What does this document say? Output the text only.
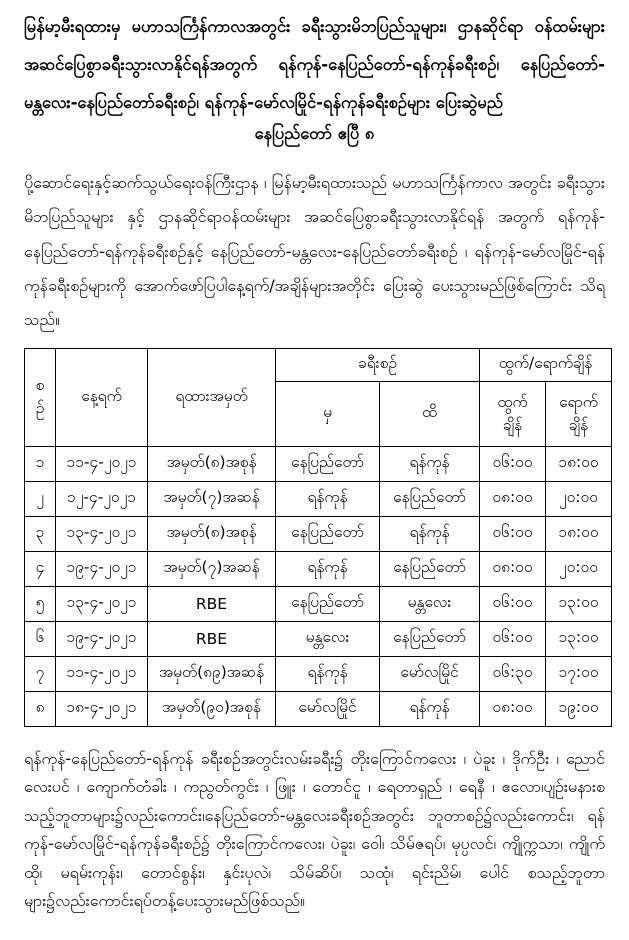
မြန်မာ့မီးရထားမှ မဟာသင်္ကြန်ကာလအတွင်း ခရီးသွားမိဘပြည်သူများ၊ ဌာနဆိုင်ရာ ဝန်ထမ်းများ အဆင်ပြေစွာခရီးသွားလာနိုင်ရန်အတွက် ရန်ကုန်-နေပြည်တော်-ရန်ကုန်ခရီးစဉ်၊ နေပြည်တော်-မန္တလေး-နေပြည်တော်ခရီးစဉ်၊ ရန်ကုန်-မော်လမြိုင်-ရန်ကုန်ခရီးစဉ်များ ပြေးဆွဲမည်

နေပြည်တော် ဧပြီ ၈

ပို့ဆောင်ရေးနှင့်ဆက်သွယ်ရေးဝန်ကြီးဌာန ၊ မြန်မာ့မီးရထားသည် မဟာသင်္ကြန်ကာလ အတွင်း ခရီးသွားမိဘပြည်သူများ နှင့် ဌာနဆိုင်ရာဝန်ထမ်းများ အဆင်ပြေစွာခရီးသွားလာနိုင်ရန် အတွက် ရန်ကုန်-နေပြည်တော်-ရန်ကုန်ခရီးစဉ်နှင့် နေပြည်တော်-မန္တလေး-နေပြည်တော်ခရီးစဉ် ၊ ရန်ကုန်-မော်လမြိုင်-ရန်ကုန်ခရီးစဉ်များကို အောက်ဖော်ပြပါနေ့ရက်/အချိန်များအတိုင်း ပြေးဆွဲ ပေးသွားမည်ဖြစ်ကြောင်း သိရသည်။

စ
ဉ်	နေ့ရက်	ရထားအမှတ်	ခရီးစဉ်		ထွက်/ရောက်ချိန်	
			မှ	ထိ	ထွက်
ချိန်	ရောက်
ချိန်

၁	၁၁-၄-၂၀၂၁	အမှတ်(၈)အစုန်	နေပြည်တော်	ရန်ကုန်	၀၆:၀၀	၁၈:၀၀
၂	၁၂-၄-၂၀၂၁	အမှတ်(၇)အဆန်	ရန်ကုန်	နေပြည်တော်	၀၈:၀၀	၂၀:၀၀
၃	၁၃-၄-၂၀၂၁	အမှတ်(၈)အစုန်	နေပြည်တော်	ရန်ကုန်	၀၆:၀၀	၁၈:၀၀
၄	၁၉-၄-၂၀၂၁	အမှတ်(၇)အဆန်	ရန်ကုန်	နေပြည်တော်	၀၈:၀၀	၂၀:၀၀
၅	၁၃-၄-၂၀၂၁	RBE	နေပြည်တော်	မန္တလေး	၀၆:၀၀	၁၃:၀၀
၆	၁၉-၄-၂၀၂၁	RBE	မန္တလေး	နေပြည်တော်	၀၆:၀၀	၁၃:၀၀
၇	၁၁-၄-၂၀၂၁	အမှတ်(၈၉)အဆန်	ရန်ကုန်	မော်လမြိုင်	၀၆:၃၀	၁၇:၀၀
၈	၁၈-၄-၂၀၂၁	အမှတ်(၉၀)အစုန်	မော်လမြိုင်	ရန်ကုန်	၀၈:၀၀	၁၉:၀၀

ရန်ကုန်-နေပြည်တော်-ရန်ကုန် ခရီးစဉ်အတွင်းလမ်းခရီး၌ တိုးကြောင်ကလေး ၊ ပဲခူး ၊ ဒိုက်ဦး ၊ ညောင်လေးပင် ၊ ကျောက်တံခါး ၊ ကညွတ်ကွင်း ၊ ဖြူး ၊ တောင်ငူ ၊ ရေတာရှည် ၊ ရေနီ ၊ ဧလော၊ပျဉ်းမနားစသည့်ဘူတာများ၌လည်းကောင်း၊နေပြည်တော်-မန္တလေးခရီးစဉ်အတွင်း ဘူတာစဉ်၌လည်းကောင်း၊ ရန်ကုန်-မော်လမြိုင်-ရန်ကုန်ခရီးစဉ်၌ တိုးကြောင်ကလေး၊ ပဲခူး၊ ဝေါ၊ သိမ်ဇရပ်၊ မုပ္ပလင်၊ ကျိုက္ကသာ၊ ကျိုက်ထို၊ မရမ်းကုန်း၊ တောင်စွန်း၊ နှင်းပုလဲ၊ သိမ်ဆိပ်၊ သထုံ၊ ရင်းညိမ်၊ ပေါင် စသည့်ဘူတာများ၌လည်းကောင်းရပ်တန့်ပေးသွားမည်ဖြစ်သည်။
